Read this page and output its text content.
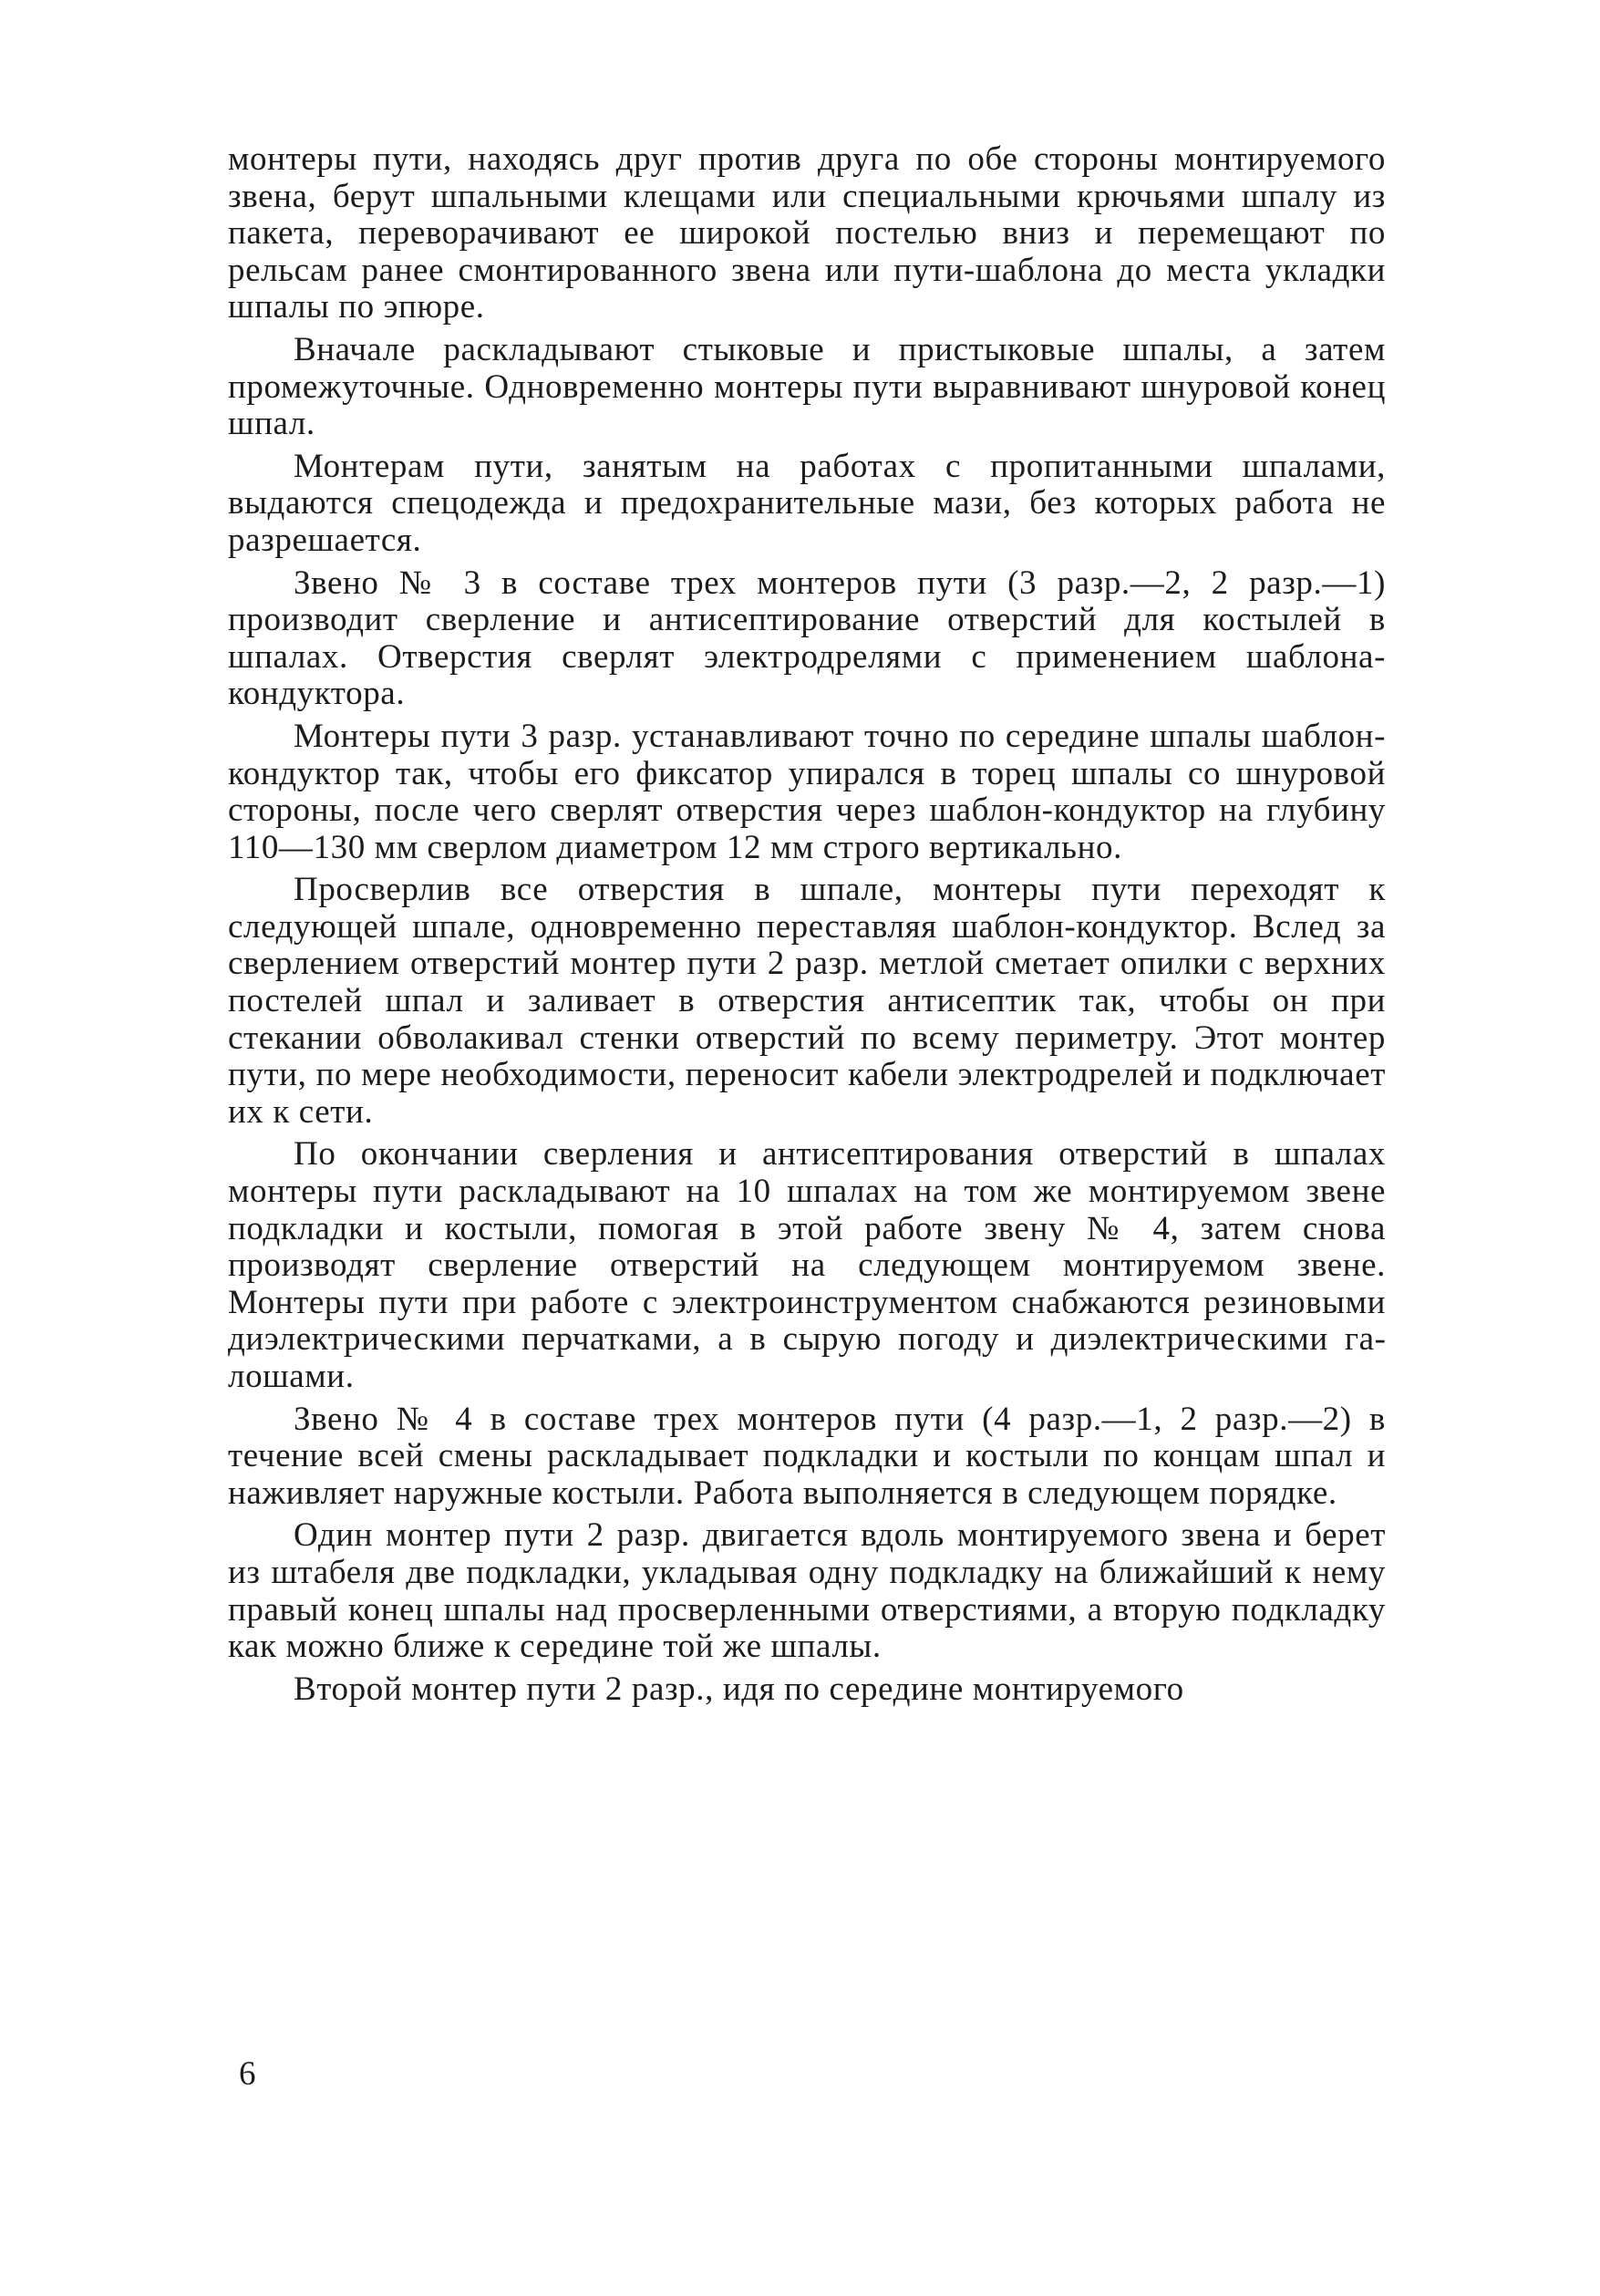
монтеры пути, находясь друг против друга по обе стороны монтируемого звена, берут шпальными клещами или специальными крючьями шпалу из пакета, переворачивают ее широкой постелью вниз и перемещают по рельсам ранее смонтированного звена или пути-шаблона до места укладки шпалы по эпюре.

Вначале раскладывают стыковые и пристыковые шпалы, а затем промежуточные. Одновременно монтеры пути выравнивают шнуровой конец шпал.

Монтерам пути, занятым на работах с пропитанными шпалами, выдаются спецодежда и предохранительные мази, без которых работа не разрешается.

Звено № 3 в составе трех монтеров пути (3 разр.—2, 2 разр.—1) производит сверление и антисептирование отверстий для костылей в шпалах. Отверстия сверлят электродрелями с применением шаблона-кондуктора.

Монтеры пути 3 разр. устанавливают точно по середине шпалы шаблон-кондуктор так, чтобы его фиксатор упирался в торец шпалы со шнуровой стороны, после чего сверлят отверстия через шаблон-кондуктор на глубину 110—130 мм сверлом диаметром 12 мм строго вертикально.

Просверлив все отверстия в шпале, монтеры пути переходят к следующей шпале, одновременно переставляя шаблон-кондуктор. Вслед за сверлением отверстий монтер пути 2 разр. метлой сметает опилки с верхних постелей шпал и заливает в отверстия антисептик так, чтобы он при стекании обволакивал стенки отверстий по всему периметру. Этот монтер пути, по мере необходимости, переносит кабели электродрелей и подключает их к сети.

По окончании сверления и антисептирования отверстий в шпалах монтеры пути раскладывают на 10 шпалах на том же монтируемом звене подкладки и костыли, помогая в этой работе звену № 4, затем снова производят сверление отверстий на следующем монтируемом звене. Монтеры пути при работе с электроинструментом снабжаются резиновыми диэлектрическими перчатками, а в сырую погоду и диэлектрическими галошами.

Звено № 4 в составе трех монтеров пути (4 разр.—1, 2 разр.—2) в течение всей смены раскладывает подкладки и костыли по концам шпал и наживляет наружные костыли. Работа выполняется в следующем порядке.

Один монтер пути 2 разр. двигается вдоль монтируемого звена и берет из штабеля две подкладки, укладывая одну подкладку на ближайший к нему правый конец шпалы над просверленными отверстиями, а вторую подкладку как можно ближе к середине той же шпалы.

Второй монтер пути 2 разр., идя по середине монтируемого

6
